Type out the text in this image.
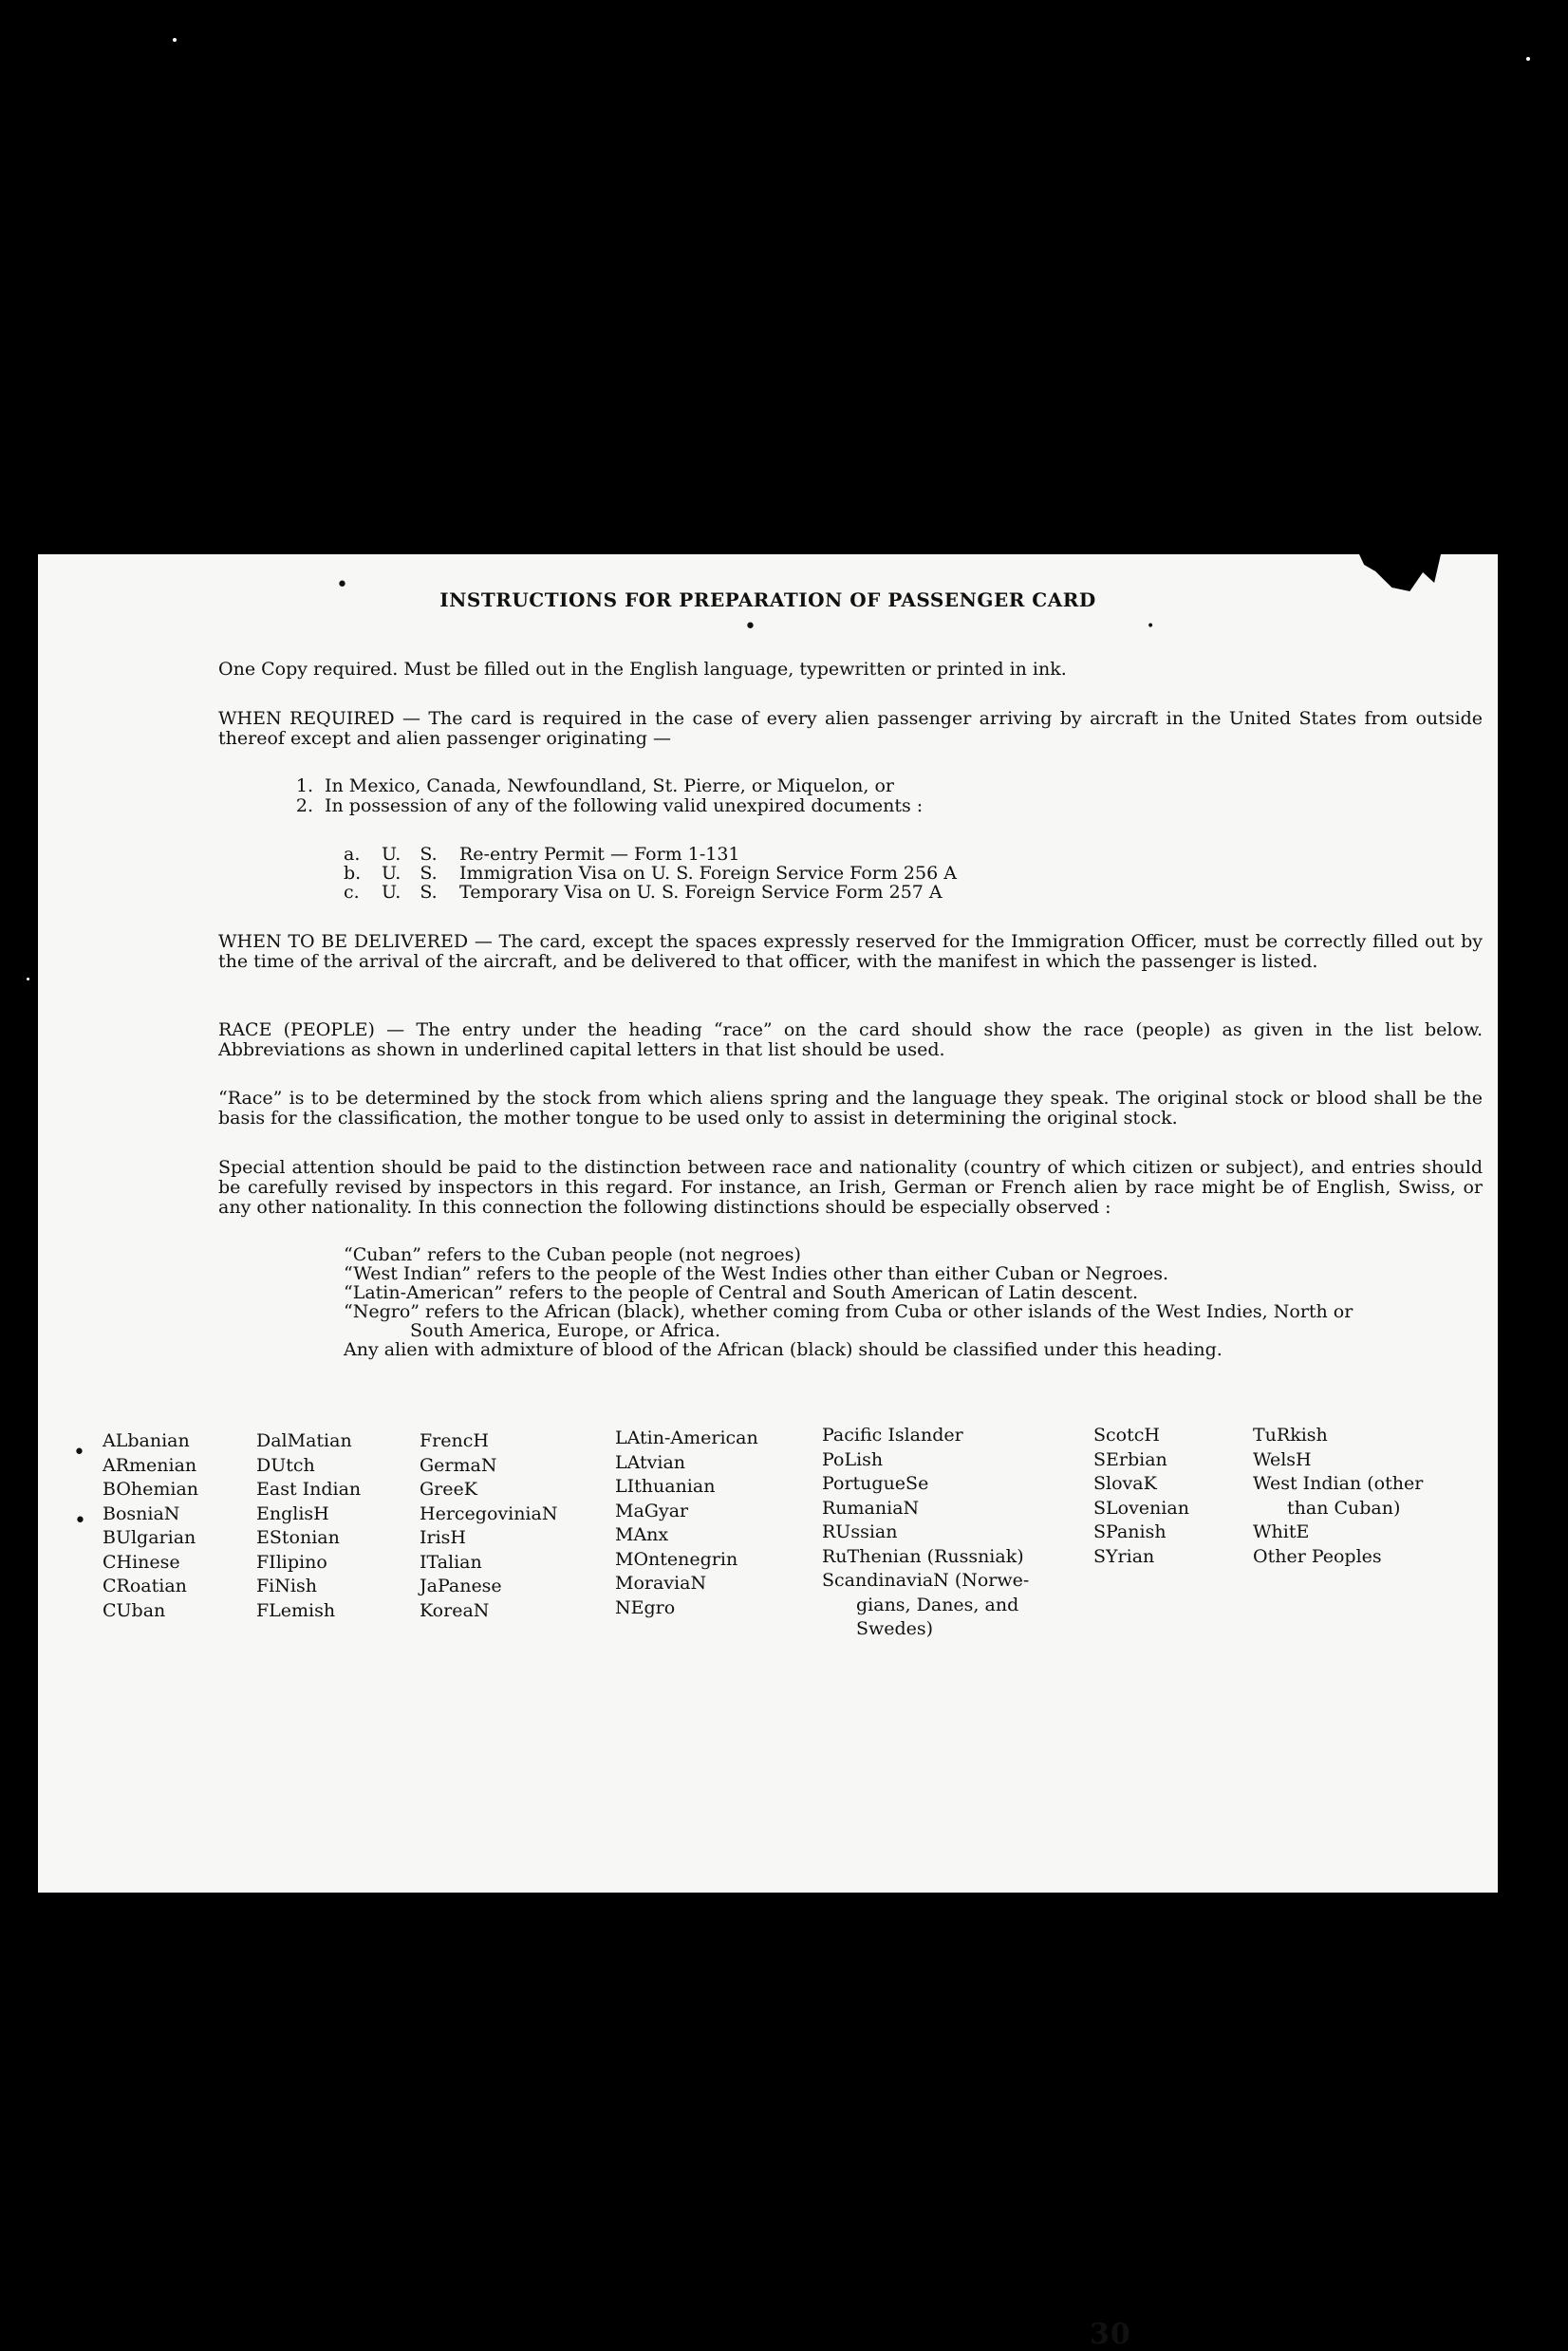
•
•
•
•
•
INSTRUCTIONS FOR PREPARATION OF PASSENGER CARD
One Copy required. Must be filled out in the English language, typewritten or printed in ink.
WHEN REQUIRED — The card is required in the case of every alien passenger arriving by aircraft in the United States from outside thereof except and alien passenger originating —
1. In Mexico, Canada, Newfoundland, St. Pierre, or Miquelon, or
2. In possession of any of the following valid unexpired documents :
a. U. S. Re-entry Permit — Form 1-131
b. U. S. Immigration Visa on U. S. Foreign Service Form 256 A
c. U. S. Temporary Visa on U. S. Foreign Service Form 257 A
WHEN TO BE DELIVERED — The card, except the spaces expressly reserved for the Immigration Officer, must be correctly filled out by the time of the arrival of the aircraft, and be delivered to that officer, with the manifest in which the passenger is listed.
RACE (PEOPLE) — The entry under the heading “race” on the card should show the race (people) as given in the list below. Abbreviations as shown in underlined capital letters in that list should be used.
“Race” is to be determined by the stock from which aliens spring and the language they speak. The original stock or blood shall be the basis for the classification, the mother tongue to be used only to assist in determining the original stock.
Special attention should be paid to the distinction between race and nationality (country of which citizen or subject), and entries should be carefully revised by inspectors in this regard. For instance, an Irish, German or French alien by race might be of English, Swiss, or any other nationality. In this connection the following distinctions should be especially observed :
“Cuban” refers to the Cuban people (not negroes)
“West Indian” refers to the people of the West Indies other than either Cuban or Negroes.
“Latin-American” refers to the people of Central and South American of Latin descent.
“Negro” refers to the African (black), whether coming from Cuba or other islands of the West Indies, North or
South America, Europe, or Africa.
Any alien with admixture of blood of the African (black) should be classified under this heading.
30
ALbanian
ARmenian
BOhemian
BosniaN
BUlgarian
CHinese
CRoatian
CUban
DalMatian
DUtch
East Indian
EnglisH
EStonian
FIlipino
FiNish
FLemish
FrencH
GermaN
GreeK
HercegoviniaN
IrisH
ITalian
JaPanese
KoreaN
LAtin-American
LAtvian
LIthuanian
MaGyar
MAnx
MOntenegrin
MoraviaN
NEgro
Pacific Islander
PoLish
PortugueSe
RumaniaN
RUssian
RuThenian (Russniak)
ScandinaviaN (Norwe-
gians, Danes, and
Swedes)
ScotcH
SErbian
SlovaK
SLovenian
SPanish
SYrian
TuRkish
WelsH
West Indian (other
than Cuban)
WhitE
Other Peoples
